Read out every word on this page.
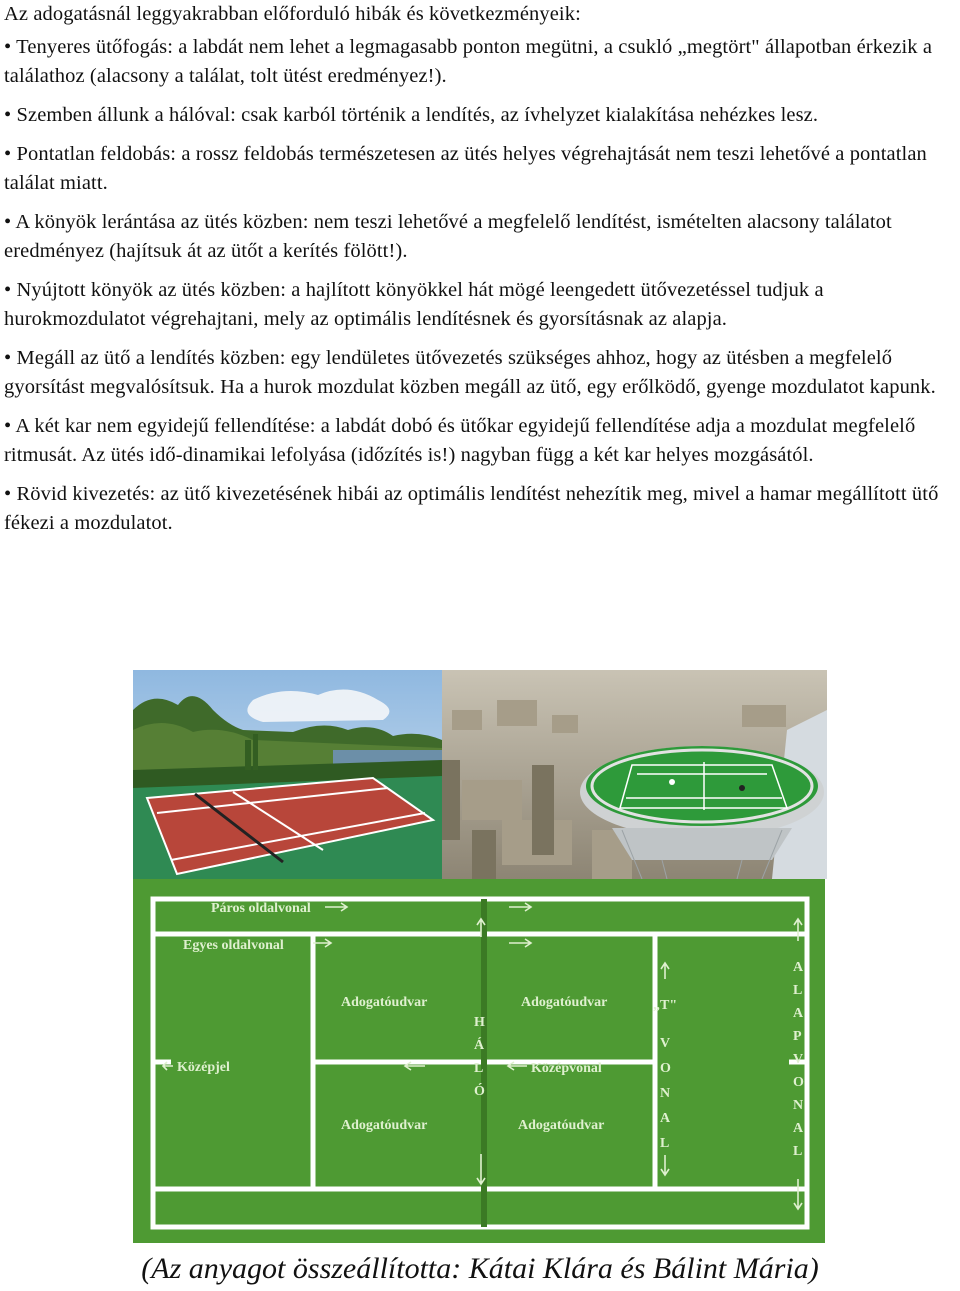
Az adogatásnál leggyakrabban előforduló hibák és következményeik:

• Tenyeres ütőfogás: a labdát nem lehet a legmagasabb ponton megütni, a csukló „megtört" állapotban érkezik a találathoz (alacsony a találat, tolt ütést eredményez!).

• Szemben állunk a hálóval: csak karból történik a lendítés, az ívhelyzet kialakítása nehézkes lesz.

• Pontatlan feldobás: a rossz feldobás természetesen az ütés helyes végrehajtását nem teszi lehetővé a pontatlan találat miatt.

• A könyök lerántása az ütés közben: nem teszi lehetővé a megfelelő lendítést, ismételten alacsony találatot eredményez (hajítsuk át az ütőt a kerítés fölött!).

• Nyújtott könyök az ütés közben: a hajlított könyökkel hát mögé leengedett ütővezetéssel tudjuk a hurokmozdulatot végrehajtani, mely az optimális lendítésnek és gyorsításnak az alapja.

• Megáll az ütő a lendítés közben: egy lendületes ütővezetés szükséges ahhoz, hogy az ütésben a megfelelő gyorsítást megvalósítsuk. Ha a hurok mozdulat közben megáll az ütő, egy erőlködő, gyenge mozdulatot kapunk.

• A két kar nem egyidejű fellendítése: a labdát dobó és ütőkar egyidejű fellendítése adja a mozdulat megfelelő ritmusát. Az ütés idő-dinamikai lefolyása (időzítés is!) nagyban függ a két kar helyes mozgásától.

• Rövid kivezetés: az ütő kivezetésének hibái az optimális lendítést nehezítik meg, mivel a hamar megállított ütő fékezi a mozdulatot.

Páros oldalvonal
Egyes oldalvonal
Adogatóudvar	Adogatóudvar
Adogatóudvar	Adogatóudvar
Középjel	Középvonal
„T"
H
Á
L
Ó
V
O
N
A
L
A
L
A
P
V
O
N
A
L
(Az anyagot összeállította: Kátai Klára és Bálint Mária)
